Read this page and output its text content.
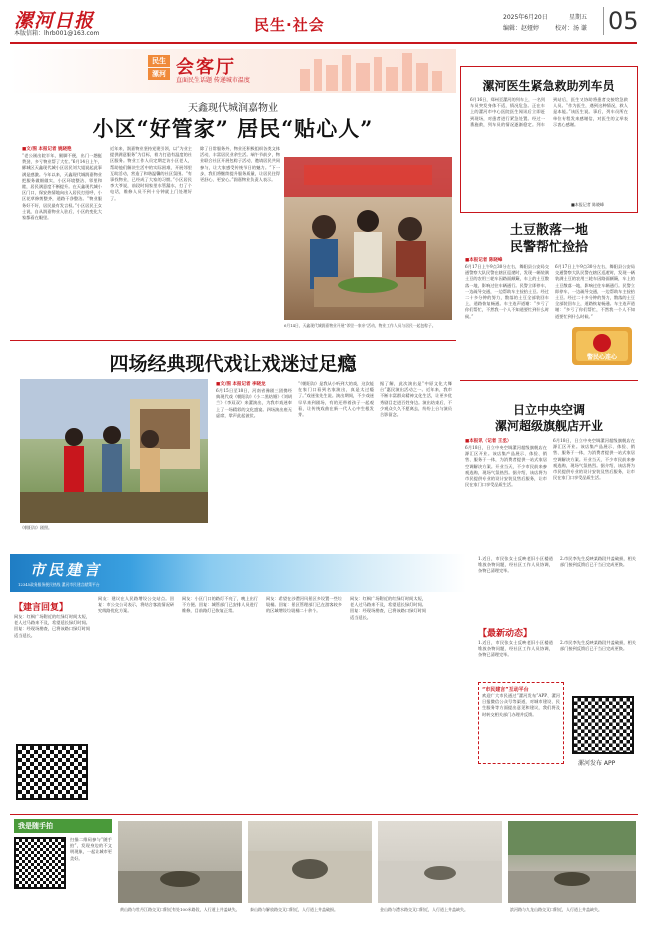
漯河日报
本版信箱：lhrb001@163.com	民生·社会	2025年6月20日	星期五
编辑：赵娅婷	校对：汤 谦 05
民生
漯河 会客厅
直面民生话题 传递城市温度
天鑫现代城润嘉物业
小区“好管家” 居民“贴心人”
■文/图 本报记者 姚晓艳
“老公刚出院半年，腿脚不便，出门一趟挺费劲，多亏物业帮了大忙。”6月14日上午，郾城区天鑫现代城小区居民刘大姐说起此事满是感激。今年以来，天鑫现代城润嘉物业把服务做细做实，小区环境整洁、邻里和睦，居民满意度不断提升。在天鑫现代城小区门口，保安热情地向出入居民打招呼，小区花草修剪整齐，道路干净整洁。“物业服务好不好，居民最有发言权。”小区居民王女士说，自从润嘉物业入驻后，小区的变化大家都看在眼里。
近年来，润嘉物业坚持党建引领，以“为业主提供满意服务”为目标，着力打造有温度的社区服务。物业工作人员定期走访小区老人，帮助他们解决生活中的实际困难，开展邻里互助活动，营造了和谐温馨的社区氛围。“有事找物业，已经成了大家的习惯。”小区居民李大爷说，前段时间家里水管漏水，打了个电话，维修人员不到十分钟就上门处理好了。
除了日常服务外，物业还积极组织各类文体活动，丰富居民业余生活。端午节前夕，物业联合社区开展包粽子活动，邀请居民共同参与，让大家感受传统节日的魅力。“下一步，我们将继续提升服务质量，让居民住得更舒心、更安心。”润嘉物业负责人表示。
6月14日，天鑫现代城润嘉物业开展“邻里一家亲”活动，物业工作人员与居民一起包粽子。
漯河医生紧急救助列车员
6月16日，郑州至漯河的列车上，一名列车员突发身体不适，情况危急。正在车上的漯河市中心医院医生闻讯后立即赶到现场，对患者进行紧急处置。经过一番施救，列车员的情况逐渐稳定。列车到站后，医生又协助将患者交接给急救人员。“作为医生，遇到这种情况，救人是本能。”该医生说。事后，列车员所在单位专程发来感谢信，对医生的义举表示衷心感谢。
■本报记者 陈晓峰
土豆散落一地
民警帮忙捡拾
■本报记者 陈晓峰
6月17日上午9点30分左右，舞阳县公安局交通警察大队民警在辖区巡逻时，发现一辆装满土豆的农用三轮车因路面颠簸，车上的土豆散落一地，影响过往车辆通行。民警立即停车，一边疏导交通，一边帮助车主捡拾土豆。经过二十多分钟的努力，散落的土豆全部装回车上，道路恢复畅通。车主连声道谢：“多亏了你们帮忙，不然我一个人不知道要忙到什么时候。”
6月17日上午9点30分左右，舞阳县公安局交通警察大队民警在辖区巡逻时，发现一辆装满土豆的农用三轮车因路面颠簸，车上的土豆散落一地，影响过往车辆通行。民警立即停车，一边疏导交通，一边帮助车主捡拾土豆。经过二十多分钟的努力，散落的土豆全部装回车上，道路恢复畅通。车主连声道谢：“多亏了你们帮忙，不然我一个人不知道要忙到什么时候。”
警民心连心
四场经典现代戏让戏迷过足瘾
《朝阳沟》剧照。
■文/图 本报记者 李晓龙
6月15日至18日，河南省豫剧三团携经典现代戏《朝阳沟》《小二黑结婚》《刘胡兰》《李双双》来漯演出，为我市戏迷奉上了一场精彩的文化盛宴。四场演出座无虚席，掌声此起彼伏。
“《朝阳沟》是我从小听到大的戏，这次能在家门口看到名家演出，真是太过瘾了。”戏迷张先生说。演出期间，不少戏迷早早来到剧场，有的还带着孩子一起观看，让传统戏曲在新一代人心中生根发芽。
据了解，此次演出是“中原文化大舞台”惠民演出活动之一。近年来，我市不断丰富群众精神文化生活，让更多优秀剧目走进百姓身边。演出结束后，不少观众久久不愿离去，纷纷上台与演员合影留念。	日立中央空调
漯河超级旗舰店开业
■本报讯（记者 王丞）
6月18日，日立中央空调漯河超级旗舰店在源汇区开业。该店集产品展示、体验、销售、服务于一体，为消费者提供一站式家居空调解决方案。开业当天，不少市民前来参观选购，现场气氛热烈。据介绍，该店将为市民提供专业的设计安装及售后服务，让市民在家门口享受品质生活。
6月18日，日立中央空调漯河超级旗舰店在源汇区开业。该店集产品展示、体验、销售、服务于一体，为消费者提供一站式家居空调解决方案。开业当天，不少市民前来参观选购，现场气氛热烈。据介绍，该店将为市民提供专业的设计安装及售后服务，让市民在家门口享受品质生活。
市民建言
12345政务服务便民热线 漯河市民建言献策平台
【建言回复】
网友：红枫广场附近的红绿灯时间太短，老人过马路来不及，希望延长绿灯时间。回复：经现场勘查，已将该路口绿灯时间适当延长。
网友：建议在人民路增设公交站点。回复：市公交公司表示，将结合客流情况研究线路优化方案。
网友：小区门口的路灯不亮了，晚上出行不方便。回复：城管部门已安排人员进行维修，目前路灯已恢复正常。
网友：希望在沙澧河风景区多设置一些垃圾桶。回复：景区管理部门已在游客较多的区域增设垃圾桶二十余个。
网友：红枫广场附近的红绿灯时间太短，老人过马路来不及，希望延长绿灯时间。回复：经现场勘查，已将该路口绿灯时间适当延长。
1.近日，市民张女士反映老旧小区楼道堆放杂物问题，经社区工作人员协调，杂物已清理完毕。
2.市民李先生反映某路段井盖破损，相关部门接到反馈后已于当日完成更换。
【最新动态】
1.近日，市民张女士反映老旧小区楼道堆放杂物问题，经社区工作人员协调，杂物已清理完毕。
2.市民李先生反映某路段井盖破损，相关部门接到反馈后已于当日完成更换。
“市民建言”互动平台
欢迎广大市民通过“漯河发布”APP、漯河日报微信公众号等渠道，对城市建设、民生服务等方面提出意见和建议，我们将及时转交相关部门办理并反馈。
漯河发布 APP
我是随手拍
扫描二维码参与“随手拍”，发现身边的不文明现象，一起让城市更美好。
黄山路与牡丹江路交叉口附近有处100米路段，人行道上井盖缺失。	泰山路与解放路交叉口附近，人行道上井盖破损。	金山路与澧水路交叉口附近，人行道上井盖缺失。	滨河路与九龙山路交叉口附近，人行道上井盖缺失。
